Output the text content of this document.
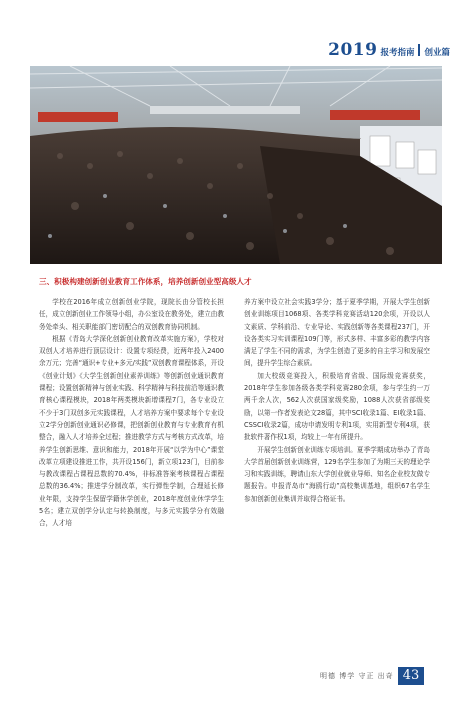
2019 报考指南 创业篇
三、积极构建创新创业教育工作体系，培养创新创业型高级人才

学校在2016年成立创新创业学院，现院长由分管校长担任，成立创新创业工作领导小组，办公室设在教务处，建立由教务处牵头、相关职能部门密切配合的双创教育协同机制。

根据《青岛大学深化创新创业教育改革实施方案》，学校对双创人才培养进行顶层设计：设置专项经费，近两年投入2400余万元；完善“通识+专业+多元/实践”双创教育课程体系，开设《创业计划》《大学生创新创业素养训练》等创新创业通识教育课程；设置创新精神与创业实践、科学精神与科技前沿等通识教育核心课程模块，2018年两类模块新增课程7门，各专业设立不少于3门双创多元实践课程，人才培养方案中要求每个专业设立2学分创新创业通识必修课，把创新创业教育与专业教育有机整合，融入人才培养全过程；推进教学方式与考核方式改革，培养学生创新思维、意识和能力，2018年开展“以学为中心”课堂改革立项建设推进工作，共开设156门，新立项123门，目前参与教改课程占课程总数的70.4%，非标准答案考核课程占课程总数的36.4%；推进学分制改革，实行弹性学制，合理延长修业年限，支持学生保留学籍休学创业，2018年度创业休学学生5名；建立双创学分认定与转换制度，与多元实践学分有效融合，人才培

养方案中设立社会实践3学分；基于夏季学期，开展大学生创新创业训练项目1068项、各类学科竞赛活动120余项，开设以人文素质、学科前沿、专业导论、实践创新等各类课程237门，开设各类实习实训课程109门等，形式多样、丰富多彩的教学内容满足了学生不同的需求，为学生创造了更多的自主学习和发展空间，提升学生综合素质。

加大校级竞赛投入，积极培育省级、国际级竞赛获奖，2018年学生参加各级各类学科竞赛280余项，参与学生约一万两千余人次，562人次获国家级奖励，1088人次获省部级奖励，以第一作者发表论文28篇，其中SCI收录1篇、EI收录1篇、CSSCI收录2篇，成功申请发明专利1项，实用新型专利4项，获批软件著作权1项，均较上一年有所提升。

开展学生创新创业训练专项培训。夏季学期成功举办了青岛大学首届创新创业训练营，129名学生参加了为期三天的理论学习和实践训练，聘请山东大学创业就业导师、知名企业校友做专题报告。申报青岛市“海鸥行动”高校集训基地，组织67名学生参加创新创业集训并取得合格证书。

明德 博学 守正 出奇 43
